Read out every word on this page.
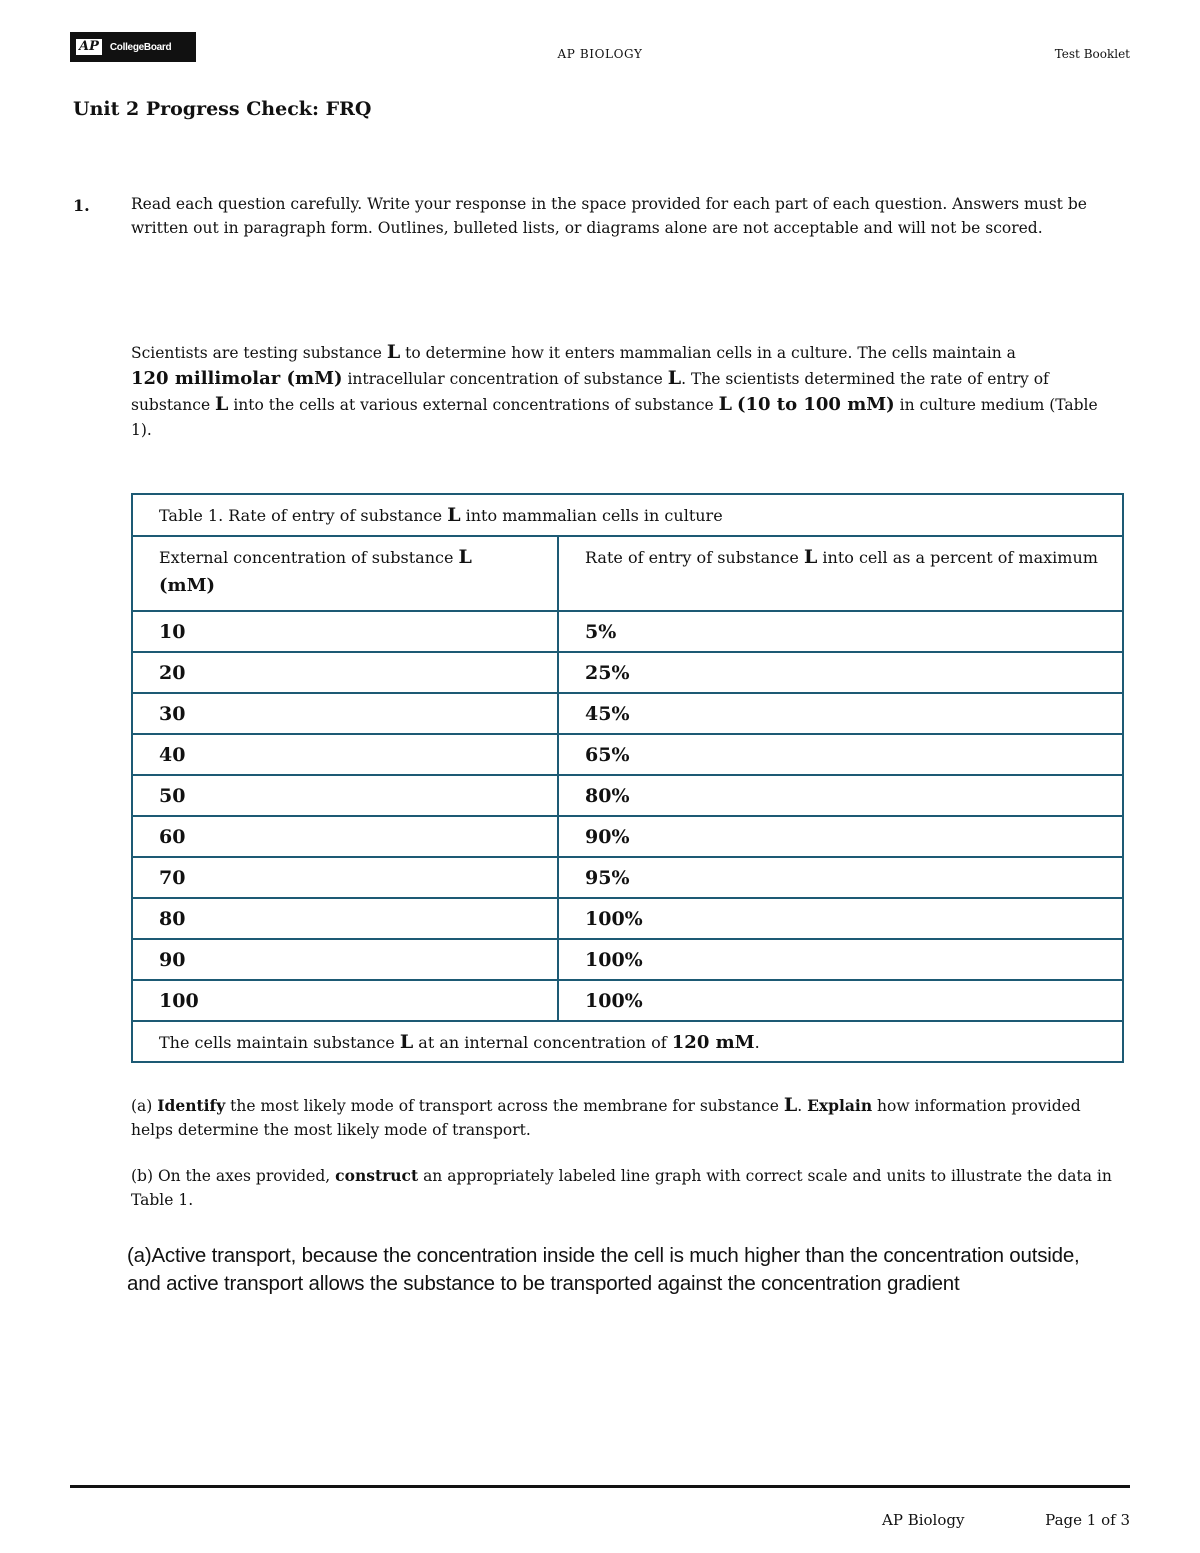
AP	CollegeBoard	AP BIOLOGY	Test Booklet
Unit 2 Progress Check: FRQ
1.	Read each question carefully. Write your response in the space provided for each part of each question. Answers must be written out in paragraph form. Outlines, bulleted lists, or diagrams alone are not acceptable and will not be scored.
Scientists are testing substance L to determine how it enters mammalian cells in a culture. The cells maintain a
120 millimolar (mM) intracellular concentration of substance L. The scientists determined the rate of entry of substance L into the cells at various external concentrations of substance L (10 to 100 mM) in culture medium (Table 1).
Table 1. Rate of entry of substance L into mammalian cells in culture	
External concentration of substance L
(mM)	Rate of entry of substance L into cell as a percent of maximum
10	5%
20	25%
30	45%
40	65%
50	80%
60	90%
70	95%
80	100%
90	100%
100	100%
The cells maintain substance L at an internal concentration of 120 mM.	
(a) Identify the most likely mode of transport across the membrane for substance L. Explain how information provided helps determine the most likely mode of transport.
(b) On the axes provided, construct an appropriately labeled line graph with correct scale and units to illustrate the data in Table 1.
(a)Active transport, because the concentration inside the cell is much higher than the concentration outside, and active transport allows the substance to be transported against the concentration gradient
AP Biology	Page 1 of 3
